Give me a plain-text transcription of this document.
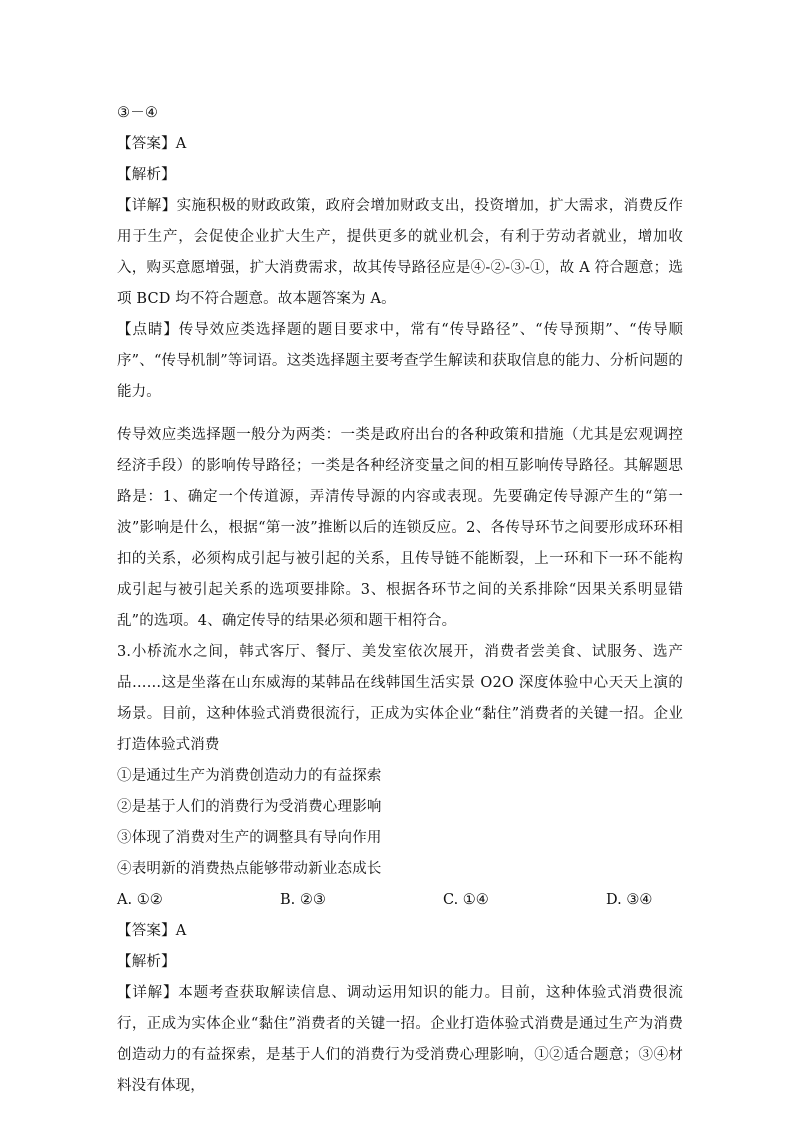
③－④
【答案】A
【解析】
【详解】实施积极的财政政策，政府会增加财政支出，投资增加，扩大需求，消费反作用于生产，会促使企业扩大生产，提供更多的就业机会，有利于劳动者就业，增加收入，购买意愿增强，扩大消费需求，故其传导路径应是④-②-③-①，故 A 符合题意；选项 BCD 均不符合题意。故本题答案为 A。
【点睛】传导效应类选择题的题目要求中，常有“传导路径”、“传导预期”、“传导顺序”、“传导机制”等词语。这类选择题主要考查学生解读和获取信息的能力、分析问题的能力。
传导效应类选择题一般分为两类：一类是政府出台的各种政策和措施（尤其是宏观调控经济手段）的影响传导路径；一类是各种经济变量之间的相互影响传导路径。其解题思路是：1、确定一个传道源，弄清传导源的内容或表现。先要确定传导源产生的“第一波”影响是什么，根据“第一波”推断以后的连锁反应。2、各传导环节之间要形成环环相扣的关系，必须构成引起与被引起的关系，且传导链不能断裂，上一环和下一环不能构成引起与被引起关系的选项要排除。3、根据各环节之间的关系排除“因果关系明显错乱”的选项。4、确定传导的结果必须和题干相符合。
3.小桥流水之间，韩式客厅、餐厅、美发室依次展开，消费者尝美食、试服务、选产品……这是坐落在山东威海的某韩品在线韩国生活实景 O2O 深度体验中心天天上演的场景。目前，这种体验式消费很流行，正成为实体企业“黏住”消费者的关键一招。企业打造体验式消费
①是通过生产为消费创造动力的有益探索
②是基于人们的消费行为受消费心理影响
③体现了消费对生产的调整具有导向作用
④表明新的消费热点能够带动新业态成长
A. ①②	B. ②③	C. ①④	D. ③④
【答案】A
【解析】
【详解】本题考查获取解读信息、调动运用知识的能力。目前，这种体验式消费很流行，正成为实体企业“黏住”消费者的关键一招。企业打造体验式消费是通过生产为消费创造动力的有益探索，是基于人们的消费行为受消费心理影响，①②适合题意；③④材料没有体现，
